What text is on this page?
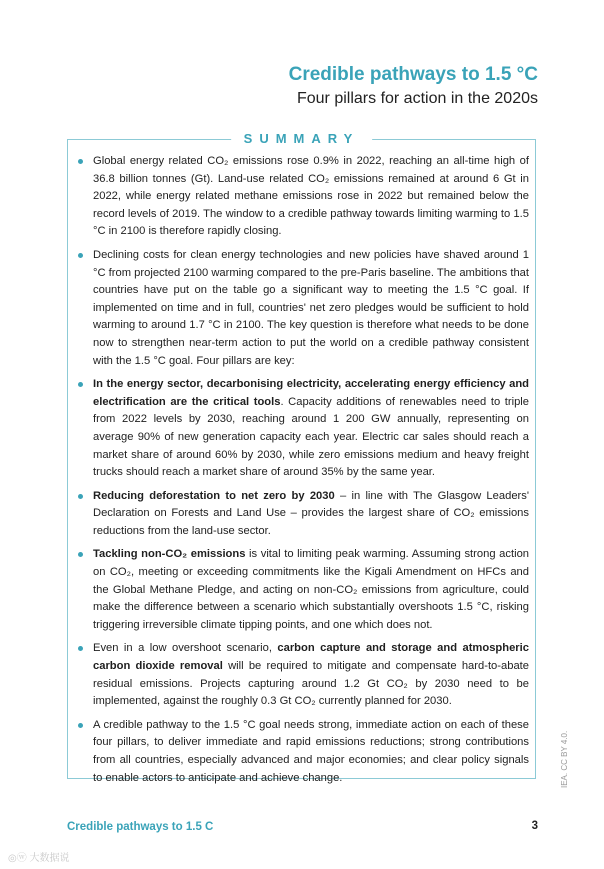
Credible pathways to 1.5 °C
Four pillars for action in the 2020s
SUMMARY
Global energy related CO₂ emissions rose 0.9% in 2022, reaching an all-time high of 36.8 billion tonnes (Gt). Land-use related CO₂ emissions remained at around 6 Gt in 2022, while energy related methane emissions rose in 2022 but remained below the record levels of 2019. The window to a credible pathway towards limiting warming to 1.5 °C in 2100 is therefore rapidly closing.
Declining costs for clean energy technologies and new policies have shaved around 1 °C from projected 2100 warming compared to the pre-Paris baseline. The ambitions that countries have put on the table go a significant way to meeting the 1.5 °C goal. If implemented on time and in full, countries' net zero pledges would be sufficient to hold warming to around 1.7 °C in 2100. The key question is therefore what needs to be done now to strengthen near-term action to put the world on a credible pathway consistent with the 1.5 °C goal. Four pillars are key:
In the energy sector, decarbonising electricity, accelerating energy efficiency and electrification are the critical tools. Capacity additions of renewables need to triple from 2022 levels by 2030, reaching around 1 200 GW annually, representing on average 90% of new generation capacity each year. Electric car sales should reach a market share of around 60% by 2030, while zero emissions medium and heavy freight trucks should reach a market share of around 35% by the same year.
Reducing deforestation to net zero by 2030 – in line with The Glasgow Leaders' Declaration on Forests and Land Use – provides the largest share of CO₂ emissions reductions from the land-use sector.
Tackling non-CO₂ emissions is vital to limiting peak warming. Assuming strong action on CO₂, meeting or exceeding commitments like the Kigali Amendment on HFCs and the Global Methane Pledge, and acting on non-CO₂ emissions from agriculture, could make the difference between a scenario which substantially overshoots 1.5 °C, risking triggering irreversible climate tipping points, and one which does not.
Even in a low overshoot scenario, carbon capture and storage and atmospheric carbon dioxide removal will be required to mitigate and compensate hard-to-abate residual emissions. Projects capturing around 1.2 Gt CO₂ by 2030 need to be implemented, against the roughly 0.3 Gt CO₂ currently planned for 2030.
A credible pathway to the 1.5 °C goal needs strong, immediate action on each of these four pillars, to deliver immediate and rapid emissions reductions; strong contributions from all countries, especially advanced and major economies; and clear policy signals to enable actors to anticipate and achieve change.	IEA. CC BY 4.0.
Credible pathways to 1.5 C	3
◎ⓦ 大数据说
